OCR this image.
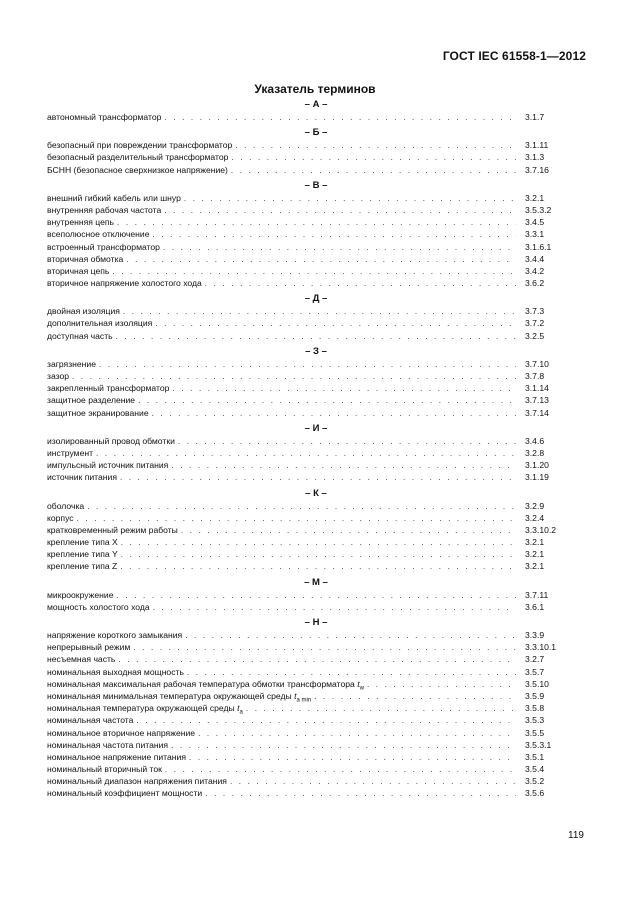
ГОСТ IEC 61558-1—2012
Указатель терминов
– А –
автономный трансформатор . . .	3.1.7
– Б –
безопасный при повреждении трансформатор . . .	3.1.11
безопасный разделительный трансформатор . . .	3.1.3
БСНН (безопасное сверхнизкое напряжение) . . .	3.7.16
– В –
внешний гибкий кабель или шнур . . .	3.2.1
внутренняя рабочая частота . . .	3.5.3.2
внутренняя цепь . . .	3.4.5
всеполюсное отключение . . .	3.3.1
встроенный трансформатор . . .	3.1.6.1
вторичная обмотка . . .	3.4.4
вторичная цепь . . .	3.4.2
вторичное напряжение холостого хода . . .	3.6.2
– Д –
двойная изоляция . . .	3.7.3
дополнительная изоляция . . .	3.7.2
доступная часть . . .	3.2.5
– З –
загрязнение . . .	3.7.10
зазор . . .	3.7.8
закрепленный трансформатор . . .	3.1.14
защитное разделение . . .	3.7.13
защитное экранирование . . .	3.7.14
– И –
изолированный провод обмотки . . .	3.4.6
инструмент . . .	3.2.8
импульсный источник питания . . .	3.1.20
источник питания . . .	3.1.19
– К –
оболочка . . .	3.2.9
корпус . . .	3.2.4
кратковременный режим работы . . .	3.3.10.2
крепление типа X . . .	3.2.1
крепление типа Y . . .	3.2.1
крепление типа Z . . .	3.2.1
– М –
микроокружение . . .	3.7.11
мощность холостого хода . . .	3.6.1
– Н –
напряжение короткого замыкания . . .	3.3.9
непрерывный режим . . .	3.3.10.1
несъемная часть . . .	3.2.7
номинальная выходная мощность . . .	3.5.7
номинальная максимальная рабочая температура обмотки трансформатора $t_w$ . . .	3.5.10
номинальная минимальная температура окружающей среды $t_{a min}$ . . .	3.5.9
номинальная температура окружающей среды $t_a$ . . .	3.5.8
номинальная частота . . .	3.5.3
номинальное вторичное напряжение . . .	3.5.5
номинальная частота питания . . .	3.5.3.1
номинальное напряжение питания . . .	3.5.1
номинальный вторичный ток . . .	3.5.4
номинальный диапазон напряжения питания . . .	3.5.2
номинальный коэффициент мощности . . .	3.5.6
119
